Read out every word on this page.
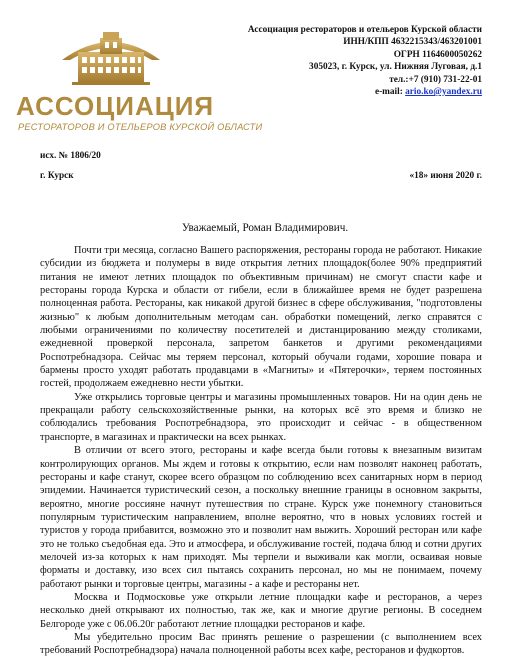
АССОЦИАЦИЯ
РЕСТОРАТОРОВ И ОТЕЛЬЕРОВ КУРСКОЙ ОБЛАСТИ
Ассоциация рестораторов и отельеров Курской области
ИНН/КПП 4632215343/463201001
ОГРН 1164600050262
305023, г. Курск, ул. Нижняя Луговая, д.1
тел.:+7 (910) 731-22-01
e-mail: ario.ko@yandex.ru
исх. № 1806/20
г. Курск	«18» июня 2020 г.
Уважаемый, Роман Владимирович.

Почти три месяца, согласно Вашего распоряжения, рестораны города не работают. Никакие субсидии из бюджета и полумеры в виде открытия летних площадок(более 90% предприятий питания не имеют летних площадок по объективным причинам) не смогут спасти кафе и рестораны города Курска и области от гибели, если в ближайшее время не будет разрешена полноценная работа. Рестораны, как никакой другой бизнес в сфере обслуживания, "подготовлены жизнью" к любым дополнительным методам сан. обработки помещений, легко справятся с любыми ограничениями по количеству посетителей и дистанцированию между столиками, ежедневной проверкой персонала, запретом банкетов и другими рекомендациями Роспотребнадзора. Сейчас мы теряем персонал, который обучали годами, хорошие повара и бармены просто уходят работать продавцами в «Магниты» и «Пятерочки», теряем постоянных гостей, продолжаем ежедневно нести убытки.

Уже открылись торговые центры и магазины промышленных товаров. Ни на один день не прекращали работу сельскохозяйственные рынки, на которых всё это время и близко не соблюдались требования Роспотребнадзора, это происходит и сейчас - в общественном транспорте, в магазинах и практически на всех рынках.

В отличии от всего этого, рестораны и кафе всегда были готовы к внезапным визитам контролирующих органов. Мы ждем и готовы к открытию, если нам позволят наконец работать, рестораны и кафе станут, скорее всего образцом по соблюдению всех санитарных норм в период эпидемии. Начинается туристический сезон, а поскольку внешние границы в основном закрыты, вероятно, многие россияне начнут путешествия по стране. Курск уже понемногу становиться популярным туристическим направлением, вполне вероятно, что в новых условиях гостей и туристов у города прибавится, возможно это и позволит нам выжить. Хороший ресторан или кафе это не только съедобная еда. Это и атмосфера, и обслуживание гостей, подача блюд и сотни других мелочей из-за которых к нам приходят. Мы терпели и выживали как могли, осваивая новые форматы и доставку, изо всех сил пытаясь сохранить персонал, но мы не понимаем, почему работают рынки и торговые центры, магазины - а кафе и рестораны нет.

Москва и Подмосковье уже открыли летние площадки кафе и ресторанов, а через несколько дней открывают их полностью, так же, как и многие другие регионы. В соседнем Белгороде уже с 06.06.20г работают летние площадки ресторанов и кафе.

Мы убедительно просим Вас принять решение о разрешении (с выполнением всех требований Роспотребнадзора) начала полноценной работы всех кафе, ресторанов и фудкортов.
